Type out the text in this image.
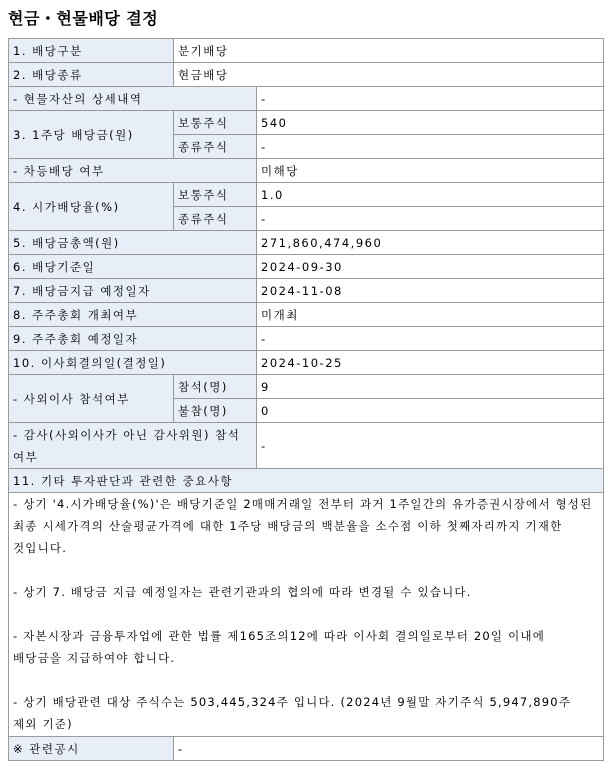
현금・현물배당 결정
1. 배당구분	분기배당	
2. 배당종류	현금배당	
- 현물자산의 상세내역		-
3. 1주당 배당금(원)	보통주식	540
	종류주식	-
- 차등배당 여부		미해당
4. 시가배당율(%)	보통주식	1.0
	종류주식	-
5. 배당금총액(원)		271,860,474,960
6. 배당기준일		2024-09-30
7. 배당금지급 예정일자		2024-11-08
8. 주주총회 개최여부		미개최
9. 주주총회 예정일자		-
10. 이사회결의일(결정일)		2024-10-25
- 사외이사 참석여부	참석(명)	9
	불참(명)	0
- 감사(사외이사가 아닌 감사위원) 참석여부		-
11. 기타 투자판단과 관련한 중요사항		

- 상기 '4.시가배당율(%)'은 배당기준일 2매매거래일 전부터 과거 1주일간의 유가증권시장에서 형성된 최종 시세가격의 산술평균가격에 대한 1주당 배당금의 백분율을 소수점 이하 첫째자리까지 기재한 것입니다.
- 상기 7. 배당금 지급 예정일자는 관련기관과의 협의에 따라 변경될 수 있습니다.
- 자본시장과 금융투자업에 관한 법률 제165조의12에 따라 이사회 결의일로부터 20일 이내에 배당금을 지급하여야 합니다.
- 상기 배당관련 대상 주식수는 503,445,324주 입니다. (2024년 9월말 자기주식 5,947,890주 제외 기준)		

※ 관련공시	-	
